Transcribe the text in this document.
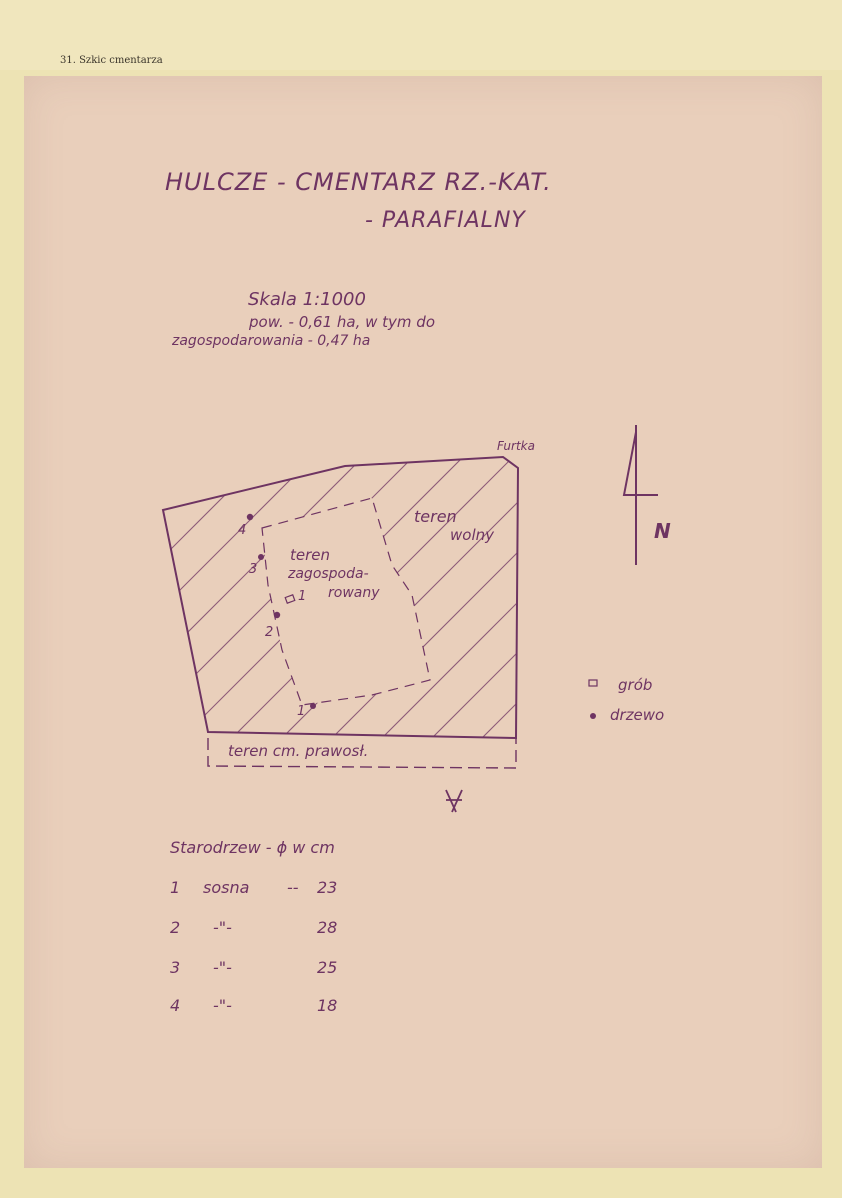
31. Szkic cmentarza
HULCZE - CMENTARZ RZ.-KAT.
- PARAFIALNY
Skala 1:1000
pow. - 0,61 ha, w tym do
zagospodarowania - 0,47 ha
Furtka
teren
wolny
teren
zagospoda-
rowany
teren cm. prawosł.
N
4
3
2
1
1
grób
drzewo
Starodrzew - ϕ w cm
1 sosna -- 23
2 -"-	28
3 -"-	25
4 -"-	18
